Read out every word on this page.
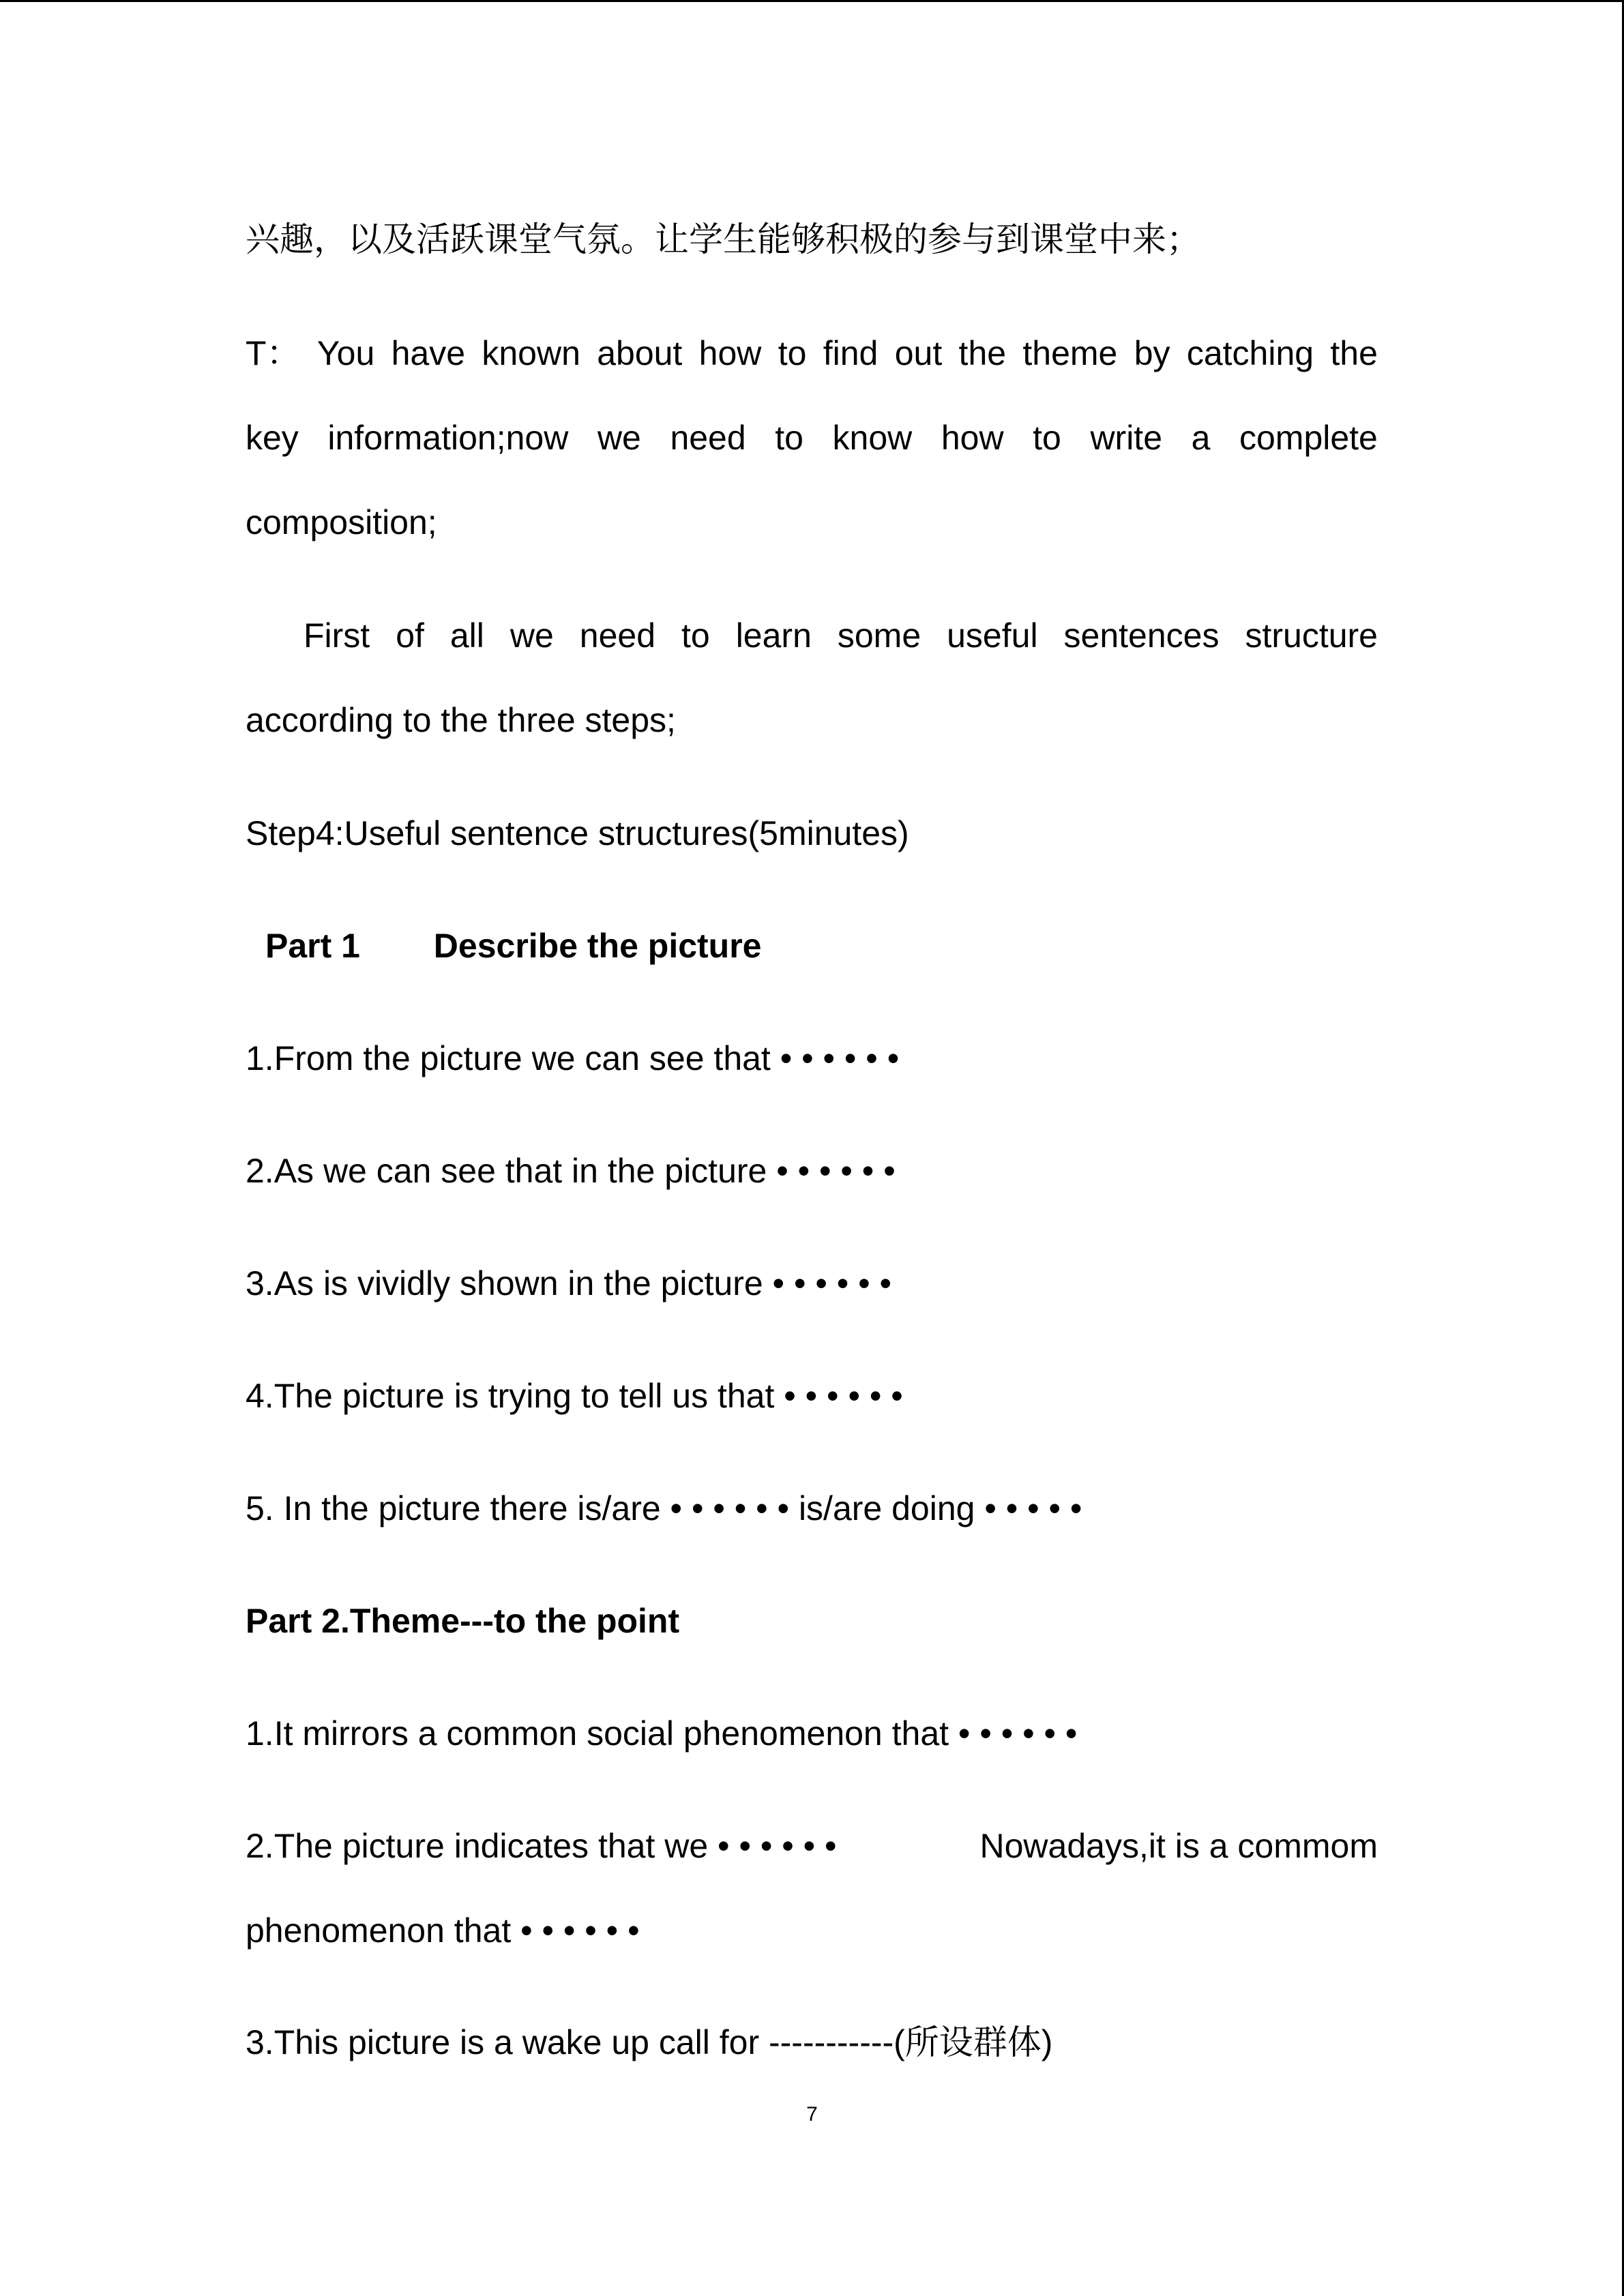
兴趣，以及活跃课堂气氛。让学生能够积极的参与到课堂中来；
T： You have known about how to find out the theme by catching the
key information;now we need to know how to write a complete
composition;
First of all we need to learn some useful sentences structure
according to the three steps;
Step4:Useful sentence structures(5minutes)
Part 1 Describe the picture
1.From the picture we can see that • • • • • •
2.As we can see that in the picture • • • • • •
3.As is vividly shown in the picture • • • • • •
4.The picture is trying to tell us that • • • • • •
5. In the picture there is/are • • • • • • is/are doing • • • • •
Part 2.Theme---to the point
1.It mirrors a common social phenomenon that • • • • • •
2.The picture indicates that we • • • • • •	Nowadays,it is a commom
phenomenon that • • • • • •
3.This picture is a wake up call for -----------(所设群体)
7
